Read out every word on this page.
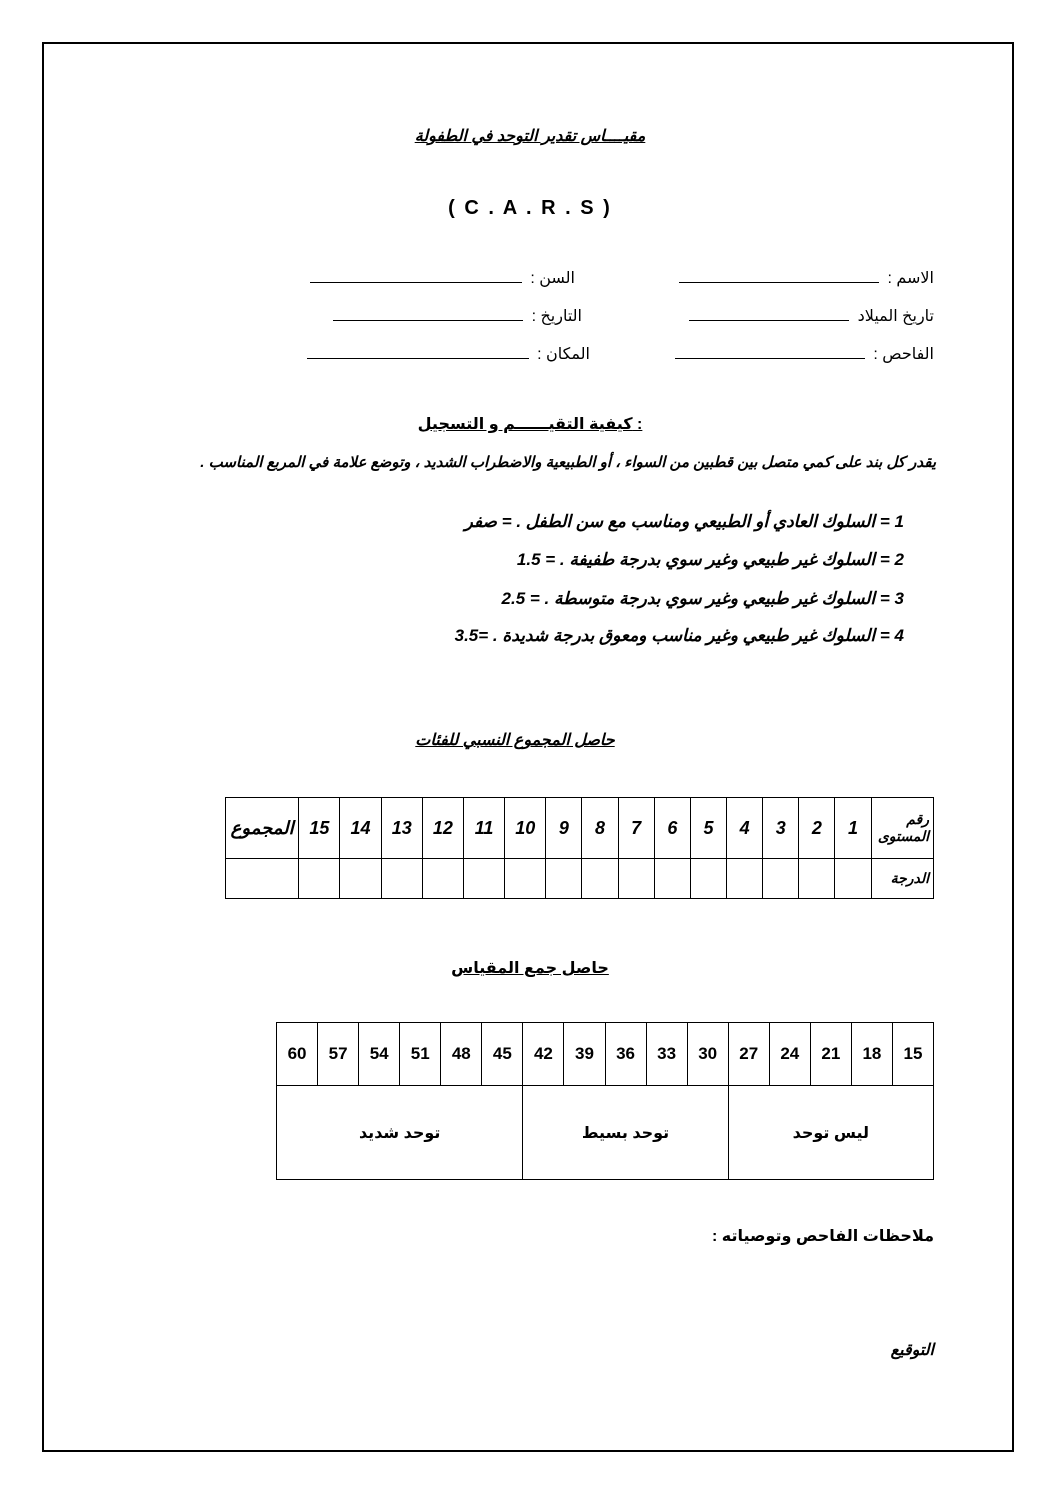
مقيــــاس تقدير التوحد في الطفولة
( C . A . R . S )
الاسم :
تاريخ الميلاد
الفاحص :
السن :
التاريخ :
المكان :
كيفية التقيــــــم و التسجيل :
يقدر كل بند على كمي متصل بين قطبين من السواء ، أو الطبيعية والاضطراب الشديد ، وتوضع علامة في المربع المناسب .
1 = السلوك العادي أو الطبيعي ومناسب مع سن الطفل . = صفر
2 = السلوك غير طبيعي وغير سوي بدرجة طفيفة . = 1.5
3 = السلوك غير طبيعي وغير سوي بدرجة متوسطة . = 2.5
4 = السلوك غير طبيعي وغير مناسب ومعوق بدرجة شديدة . =3.5
حاصل المجموع النسبي للفئات
المجموع	15	14	13	12	11	10	9	8	7	6	5	4	3	2	1	رقم المستوى
																الدرجة
حاصل جمع المقياس
60	57	54	51	48	45	42	39	36	33	30	27	24	21	18	15
توحد شديد						توحد بسيط					ليس توحد				
ملاحظات الفاحص وتوصياته :
التوقيع
